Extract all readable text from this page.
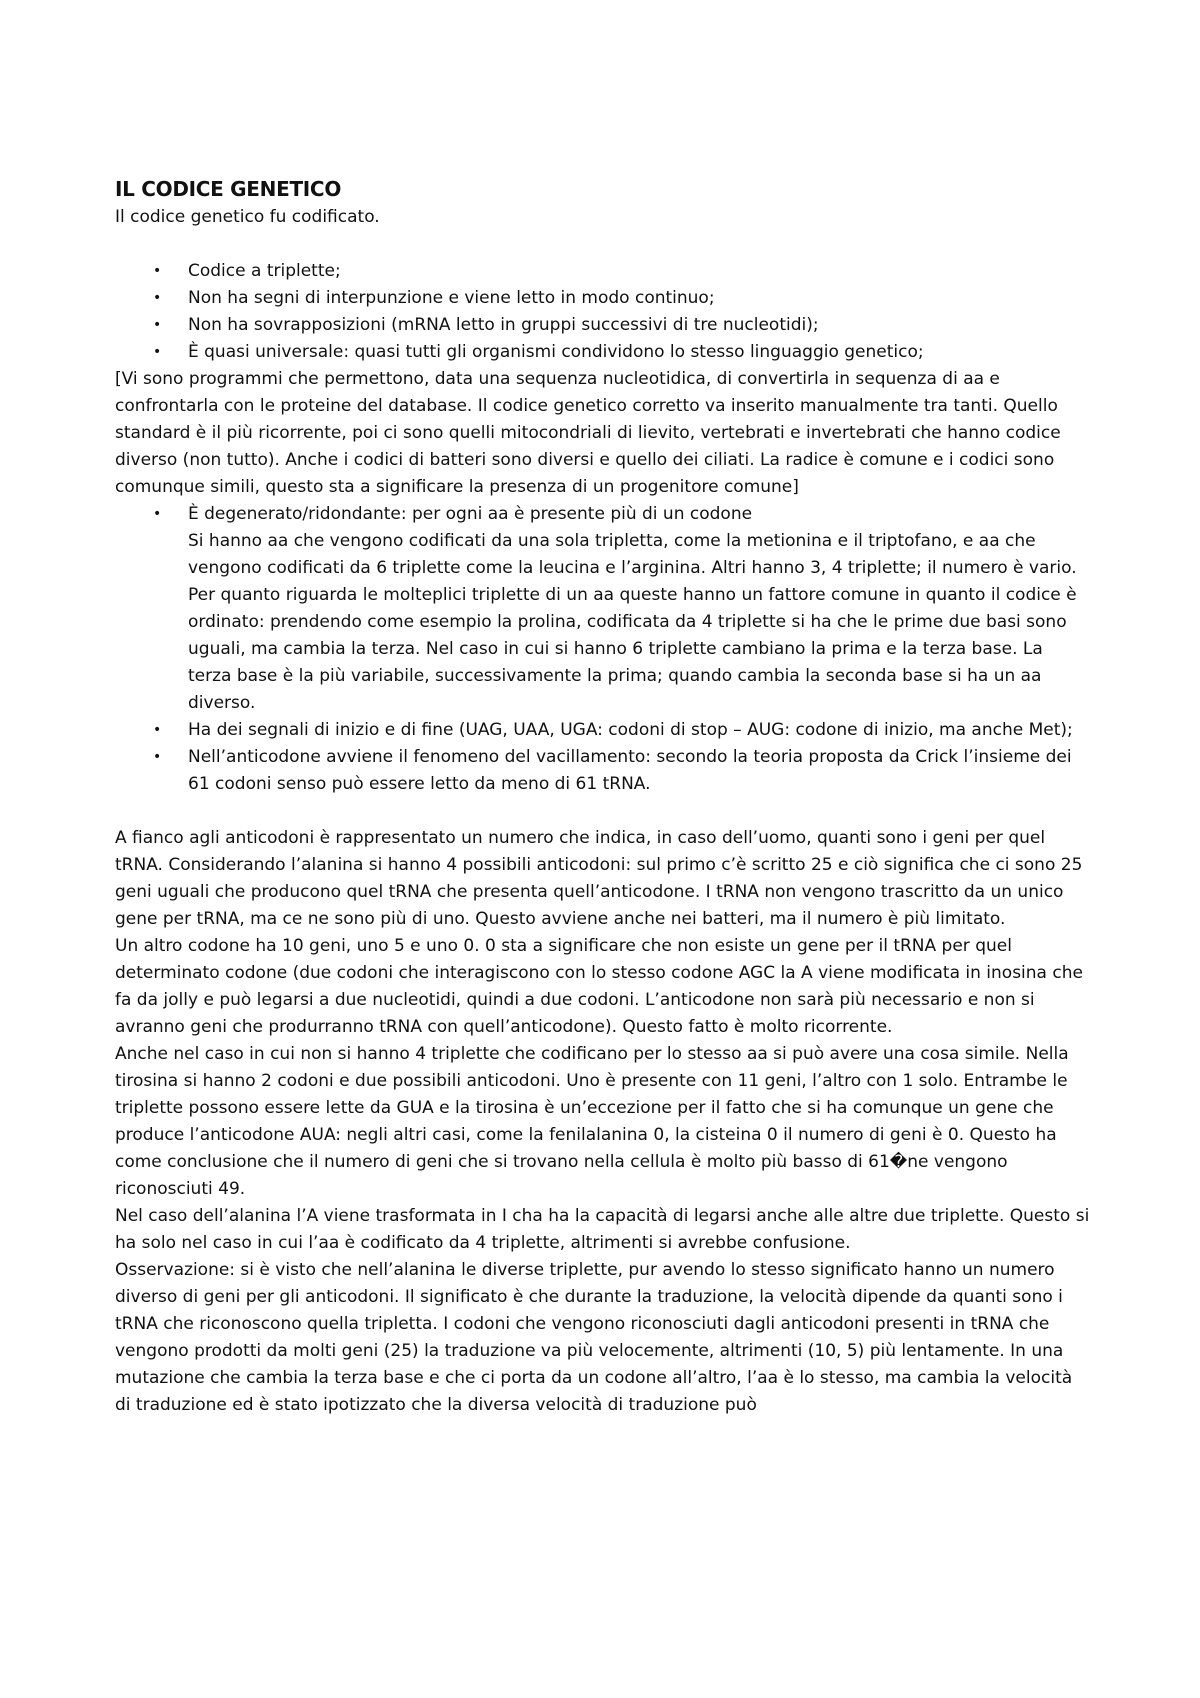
IL CODICE GENETICO

Il codice genetico fu codificato.

• Codice a triplette;
• Non ha segni di interpunzione e viene letto in modo continuo;
• Non ha sovrapposizioni (mRNA letto in gruppi successivi di tre nucleotidi);
• È quasi universale: quasi tutti gli organismi condividono lo stesso linguaggio genetico;

[Vi sono programmi che permettono, data una sequenza nucleotidica, di convertirla in sequenza di aa e confrontarla con le proteine del database. Il codice genetico corretto va inserito manualmente tra tanti. Quello standard è il più ricorrente, poi ci sono quelli mitocondriali di lievito, vertebrati e invertebrati che hanno codice diverso (non tutto). Anche i codici di batteri sono diversi e quello dei ciliati. La radice è comune e i codici sono comunque simili, questo sta a significare la presenza di un progenitore comune]

• È degenerato/ridondante: per ogni aa è presente più di un codone

Si hanno aa che vengono codificati da una sola tripletta, come la metionina e il triptofano, e aa che vengono codificati da 6 triplette come la leucina e l’arginina. Altri hanno 3, 4 triplette; il numero è vario.

Per quanto riguarda le molteplici triplette di un aa queste hanno un fattore comune in quanto il codice è ordinato: prendendo come esempio la prolina, codificata da 4 triplette si ha che le prime due basi sono uguali, ma cambia la terza. Nel caso in cui si hanno 6 triplette cambiano la prima e la terza base. La terza base è la più variabile, successivamente la prima; quando cambia la seconda base si ha un aa diverso.

• Ha dei segnali di inizio e di fine (UAG, UAA, UGA: codoni di stop – AUG: codone di inizio, ma anche Met);
• Nell’anticodone avviene il fenomeno del vacillamento: secondo la teoria proposta da Crick l’insieme dei 61 codoni senso può essere letto da meno di 61 tRNA.

A fianco agli anticodoni è rappresentato un numero che indica, in caso dell’uomo, quanti sono i geni per quel tRNA. Considerando l’alanina si hanno 4 possibili anticodoni: sul primo c’è scritto 25 e ciò significa che ci sono 25 geni uguali che producono quel tRNA che presenta quell’anticodone. I tRNA non vengono trascritto da un unico gene per tRNA, ma ce ne sono più di uno. Questo avviene anche nei batteri, ma il numero è più limitato.

Un altro codone ha 10 geni, uno 5 e uno 0. 0 sta a significare che non esiste un gene per il tRNA per quel determinato codone (due codoni che interagiscono con lo stesso codone AGC la A viene modificata in inosina che fa da jolly e può legarsi a due nucleotidi, quindi a due codoni. L’anticodone non sarà più necessario e non si avranno geni che produrranno tRNA con quell’anticodone). Questo fatto è molto ricorrente.

Anche nel caso in cui non si hanno 4 triplette che codificano per lo stesso aa si può avere una cosa simile. Nella tirosina si hanno 2 codoni e due possibili anticodoni. Uno è presente con 11 geni, l’altro con 1 solo. Entrambe le triplette possono essere lette da GUA e la tirosina è un’eccezione per il fatto che si ha comunque un gene che produce l’anticodone AUA: negli altri casi, come la fenilalanina 0, la cisteina 0 il numero di geni è 0. Questo ha come conclusione che il numero di geni che si trovano nella cellula è molto più basso di 61�ne vengono riconosciuti 49.

Nel caso dell’alanina l’A viene trasformata in I cha ha la capacità di legarsi anche alle altre due triplette. Questo si ha solo nel caso in cui l’aa è codificato da 4 triplette, altrimenti si avrebbe confusione.

Osservazione: si è visto che nell’alanina le diverse triplette, pur avendo lo stesso significato hanno un numero diverso di geni per gli anticodoni. Il significato è che durante la traduzione, la velocità dipende da quanti sono i tRNA che riconoscono quella tripletta. I codoni che vengono riconosciuti dagli anticodoni presenti in tRNA che vengono prodotti da molti geni (25) la traduzione va più velocemente, altrimenti (10, 5) più lentamente. In una mutazione che cambia la terza base e che ci porta da un codone all’altro, l’aa è lo stesso, ma cambia la velocità di traduzione ed è stato ipotizzato che la diversa velocità di traduzione può
